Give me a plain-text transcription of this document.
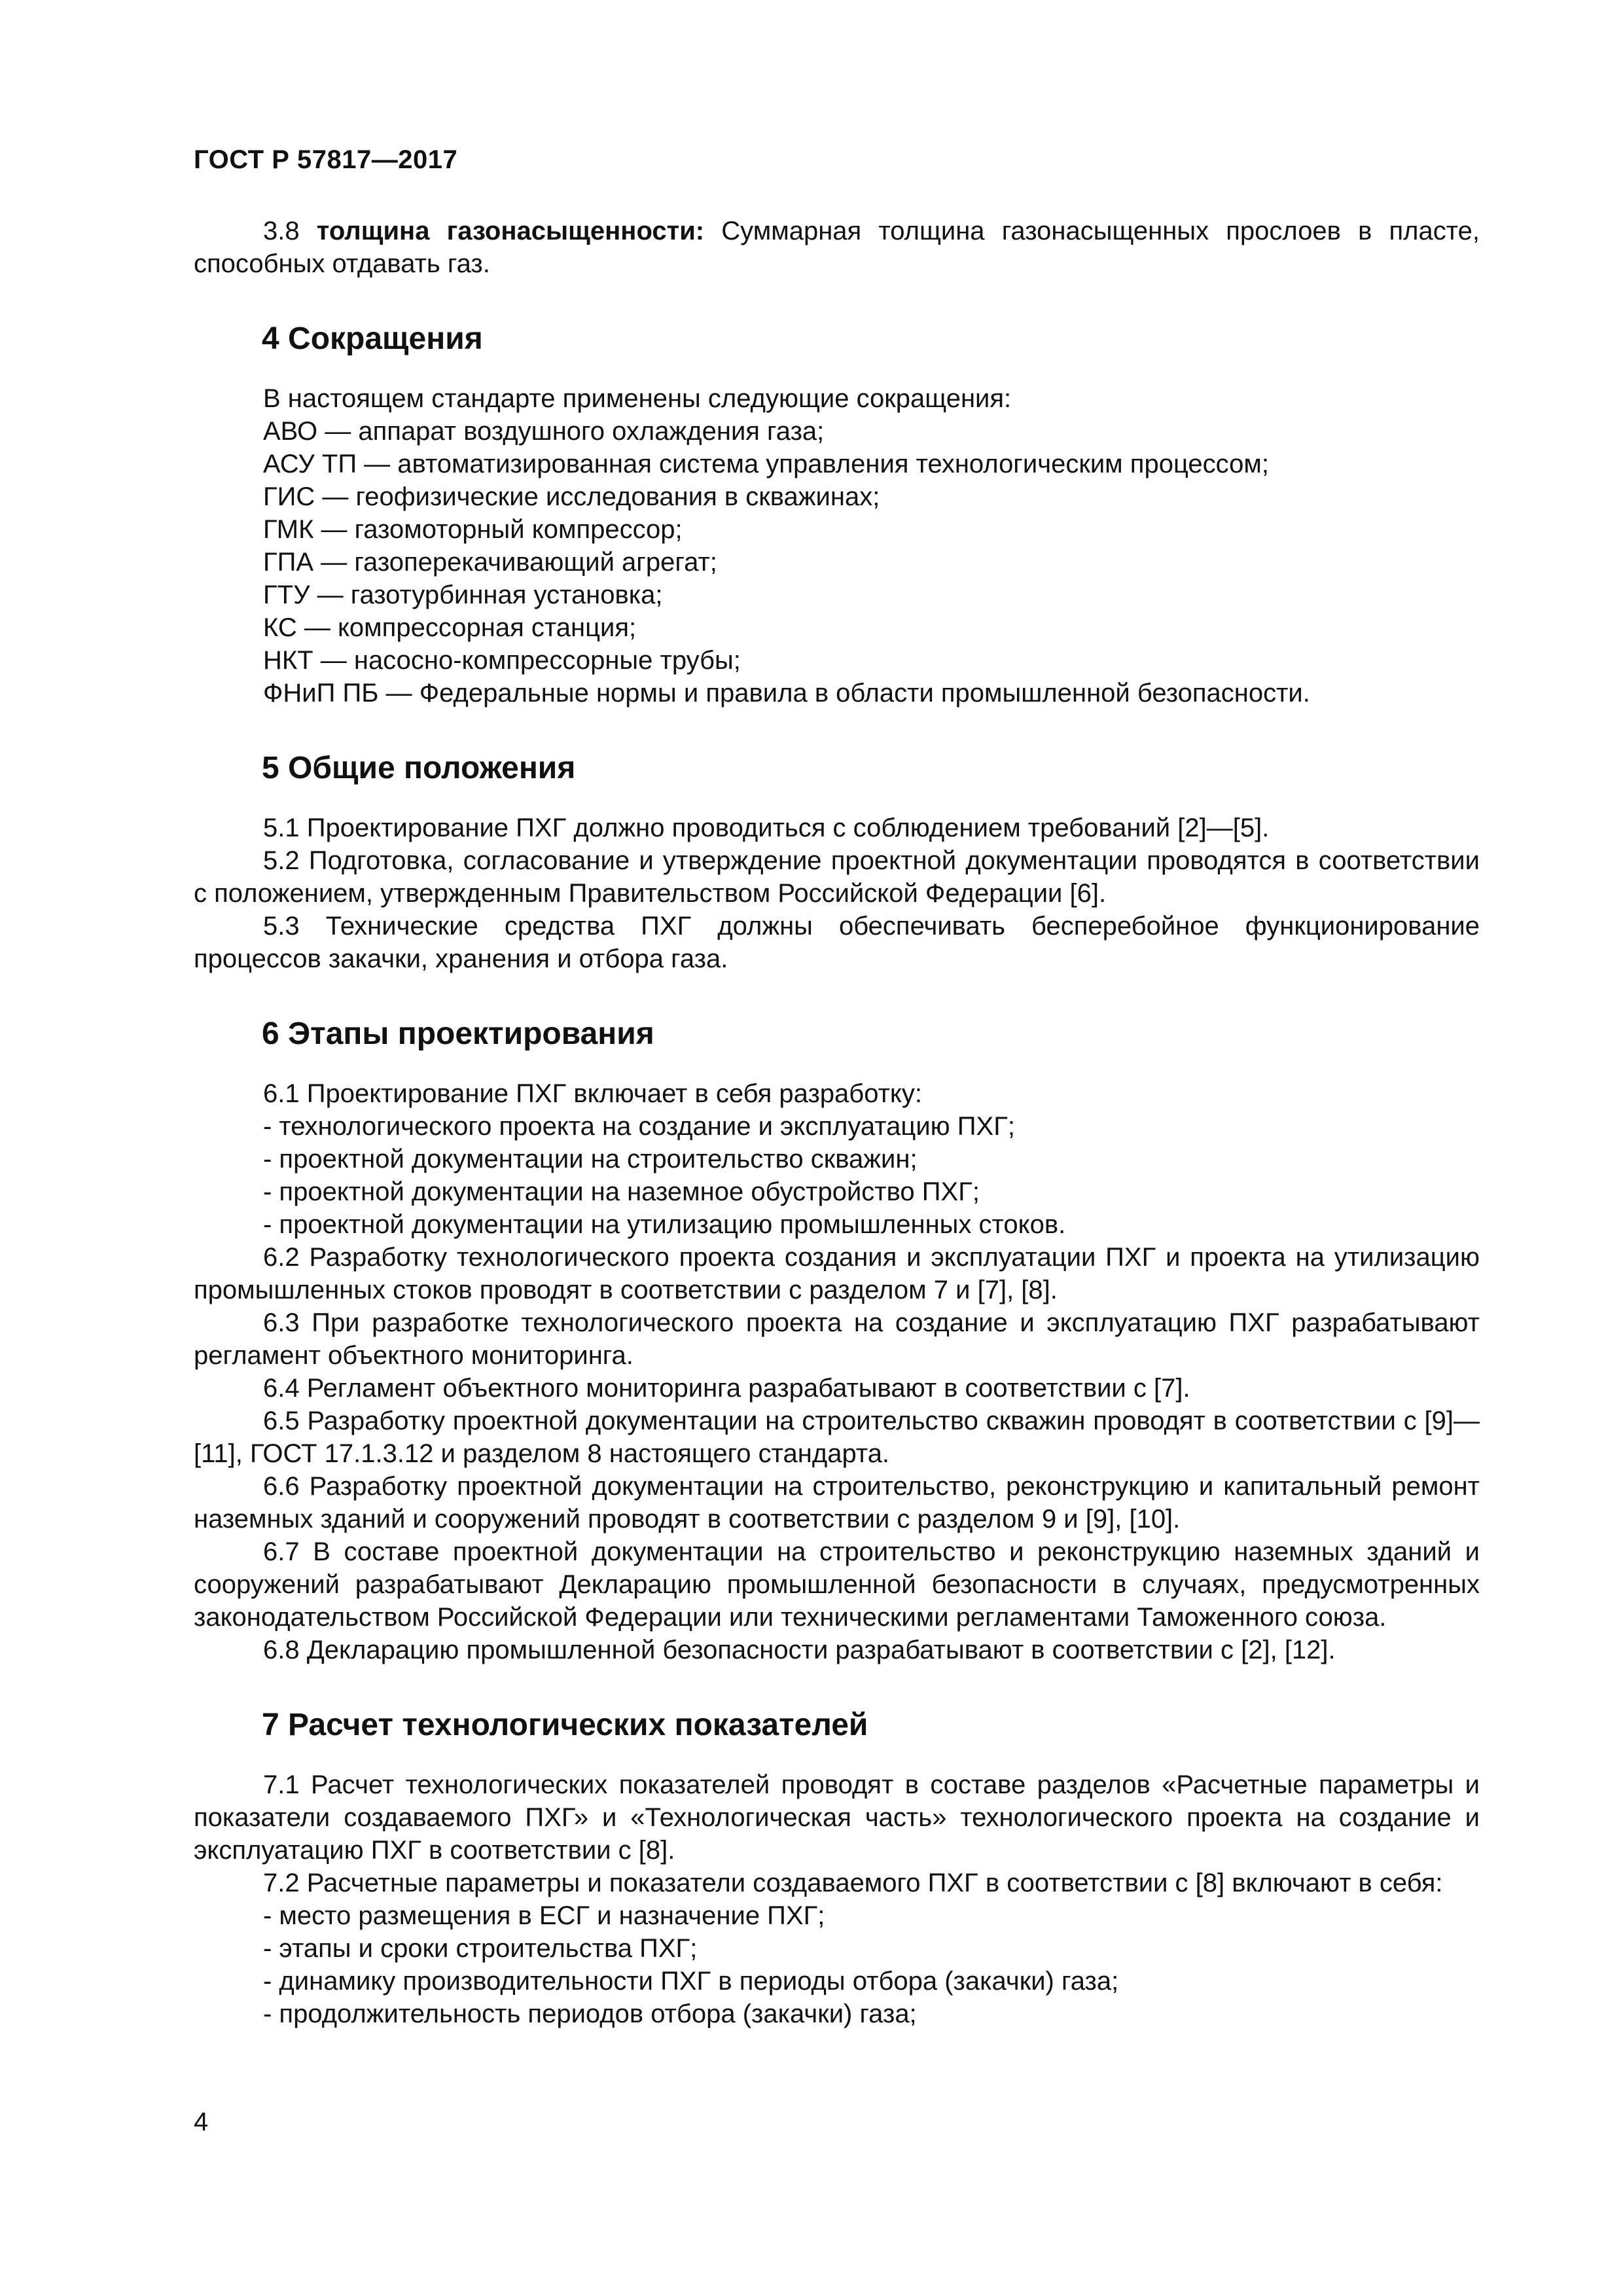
ГОСТ Р 57817—2017

3.8 толщина газонасыщенности: Суммарная толщина газонасыщенных прослоев в пласте, способных отдавать газ.

4 Сокращения

В настоящем стандарте применены следующие сокращения:

АВО — аппарат воздушного охлаждения газа;

АСУ ТП — автоматизированная система управления технологическим процессом;

ГИС — геофизические исследования в скважинах;

ГМК — газомоторный компрессор;

ГПА — газоперекачивающий агрегат;

ГТУ — газотурбинная установка;

КС — компрессорная станция;

НКТ — насосно-компрессорные трубы;

ФНиП ПБ — Федеральные нормы и правила в области промышленной безопасности.

5 Общие положения

5.1 Проектирование ПХГ должно проводиться с соблюдением требований [2]—[5].

5.2 Подготовка, согласование и утверждение проектной документации проводятся в соответствии с положением, утвержденным Правительством Российской Федерации [6].

5.3 Технические средства ПХГ должны обеспечивать бесперебойное функционирование процессов закачки, хранения и отбора газа.

6 Этапы проектирования

6.1 Проектирование ПХГ включает в себя разработку:

- технологического проекта на создание и эксплуатацию ПХГ;

- проектной документации на строительство скважин;

- проектной документации на наземное обустройство ПХГ;

- проектной документации на утилизацию промышленных стоков.

6.2 Разработку технологического проекта создания и эксплуатации ПХГ и проекта на утилизацию промышленных стоков проводят в соответствии с разделом 7 и [7], [8].

6.3 При разработке технологического проекта на создание и эксплуатацию ПХГ разрабатывают регламент объектного мониторинга.

6.4 Регламент объектного мониторинга разрабатывают в соответствии с [7].

6.5 Разработку проектной документации на строительство скважин проводят в соответствии с [9]—[11], ГОСТ 17.1.3.12 и разделом 8 настоящего стандарта.

6.6 Разработку проектной документации на строительство, реконструкцию и капитальный ремонт наземных зданий и сооружений проводят в соответствии с разделом 9 и [9], [10].

6.7 В составе проектной документации на строительство и реконструкцию наземных зданий и сооружений разрабатывают Декларацию промышленной безопасности в случаях, предусмотренных законодательством Российской Федерации или техническими регламентами Таможенного союза.

6.8 Декларацию промышленной безопасности разрабатывают в соответствии с [2], [12].

7 Расчет технологических показателей

7.1 Расчет технологических показателей проводят в составе разделов «Расчетные параметры и показатели создаваемого ПХГ» и «Технологическая часть» технологического проекта на создание и эксплуатацию ПХГ в соответствии с [8].

7.2 Расчетные параметры и показатели создаваемого ПХГ в соответствии с [8] включают в себя:

- место размещения в ЕСГ и назначение ПХГ;

- этапы и сроки строительства ПХГ;

- динамику производительности ПХГ в периоды отбора (закачки) газа;

- продолжительность периодов отбора (закачки) газа;

4
